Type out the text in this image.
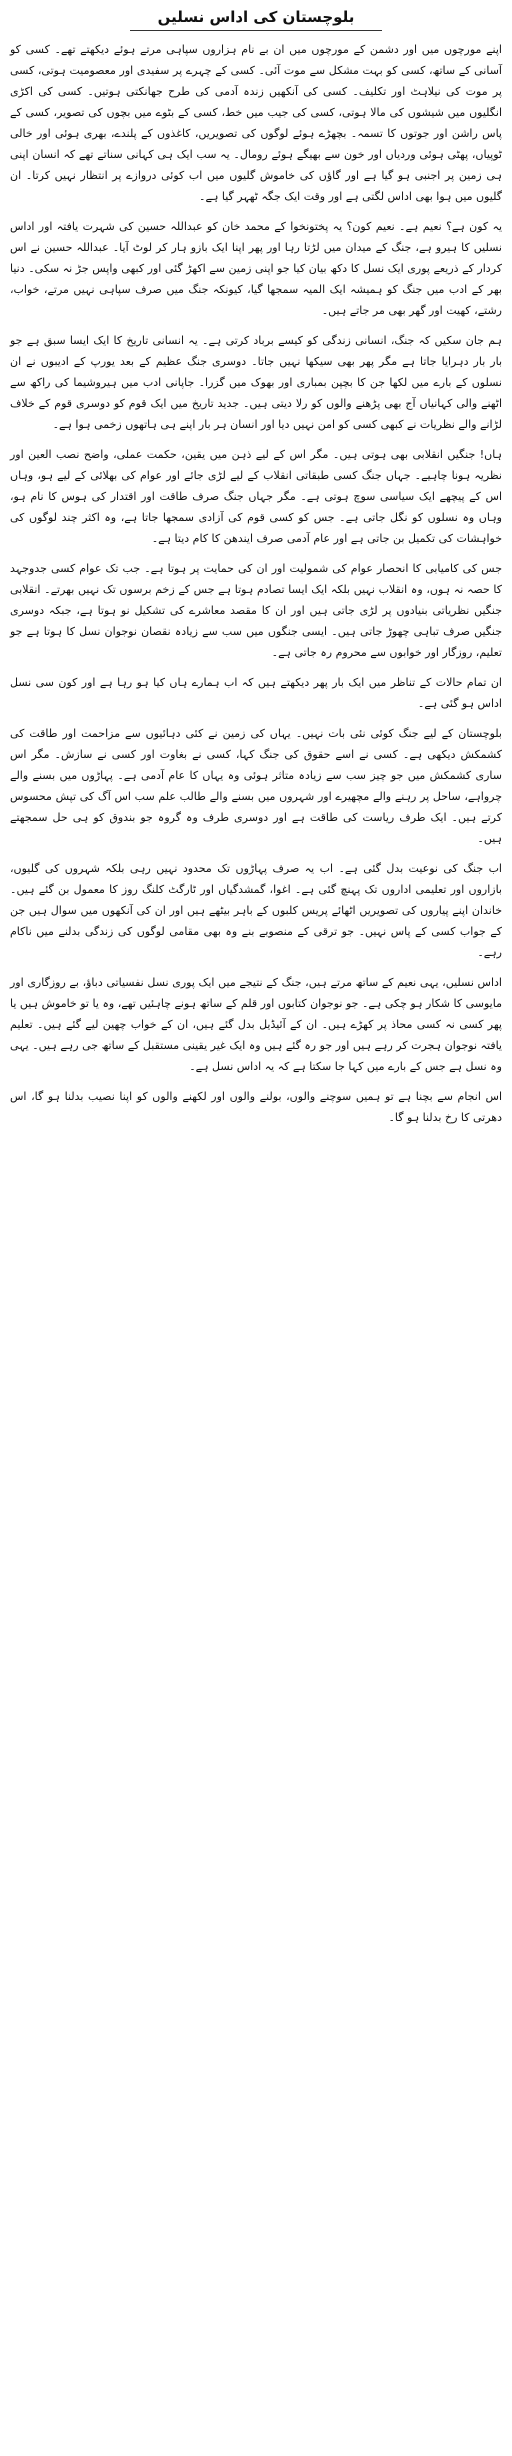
بلوچستان کی اداس نسلیں

اپنے مورچوں میں اور دشمن کے مورچوں میں ان بے نام ہزاروں سپاہی مرتے ہوئے دیکھتے تھے۔ کسی کو آسانی کے ساتھ، کسی کو بہت مشکل سے موت آئی۔ کسی کے چہرے پر سفیدی اور معصومیت ہوتی، کسی پر موت کی نیلاہٹ اور تکلیف۔ کسی کی آنکھیں زندہ آدمی کی طرح جھانکتی ہوتیں۔ کسی کی اکڑی انگلیوں میں شیشوں کی مالا ہوتی، کسی کی جیب میں خط، کسی کے بٹوے میں بچوں کی تصویر، کسی کے پاس راشن اور جوتوں کا تسمہ۔ بچھڑے ہوئے لوگوں کی تصویریں، کاغذوں کے پلندے، بھری ہوئی اور خالی ٹوپیاں، پھٹی ہوئی وردیاں اور خون سے بھیگے ہوئے رومال۔ یہ سب ایک ہی کہانی سناتے تھے کہ انسان اپنی ہی زمین پر اجنبی ہو گیا ہے اور گاؤں کی خاموش گلیوں میں اب کوئی دروازے پر انتظار نہیں کرتا۔ ان گلیوں میں ہوا بھی اداس لگتی ہے اور وقت ایک جگہ ٹھہر گیا ہے۔

یہ کون ہے؟ نعیم ہے۔ نعیم کون؟ یہ پختونخوا کے محمد خان کو عبداللہ حسین کی شہرت یافتہ اور اداس نسلیں کا ہیرو ہے، جنگ کے میدان میں لڑتا رہا اور پھر اپنا ایک بازو ہار کر لوٹ آیا۔ عبداللہ حسین نے اس کردار کے ذریعے پوری ایک نسل کا دکھ بیان کیا جو اپنی زمین سے اکھڑ گئی اور کبھی واپس جڑ نہ سکی۔ دنیا بھر کے ادب میں جنگ کو ہمیشہ ایک المیہ سمجھا گیا، کیونکہ جنگ میں صرف سپاہی نہیں مرتے، خواب، رشتے، کھیت اور گھر بھی مر جاتے ہیں۔

ہم جان سکیں کہ جنگ، انسانی زندگی کو کیسے برباد کرتی ہے۔ یہ انسانی تاریخ کا ایک ایسا سبق ہے جو بار بار دہرایا جاتا ہے مگر پھر بھی سیکھا نہیں جاتا۔ دوسری جنگ عظیم کے بعد یورپ کے ادیبوں نے ان نسلوں کے بارے میں لکھا جن کا بچپن بمباری اور بھوک میں گزرا۔ جاپانی ادب میں ہیروشیما کی راکھ سے اٹھنے والی کہانیاں آج بھی پڑھنے والوں کو رلا دیتی ہیں۔ جدید تاریخ میں ایک قوم کو دوسری قوم کے خلاف لڑانے والے نظریات نے کبھی کسی کو امن نہیں دیا اور انسان ہر بار اپنے ہی ہاتھوں زخمی ہوا ہے۔

ہاں! جنگیں انقلابی بھی ہوتی ہیں۔ مگر اس کے لیے ذہن میں یقین، حکمت عملی، واضح نصب العین اور نظریہ ہونا چاہیے۔ جہاں جنگ کسی طبقاتی انقلاب کے لیے لڑی جائے اور عوام کی بھلائی کے لیے ہو، وہاں اس کے پیچھے ایک سیاسی سوچ ہوتی ہے۔ مگر جہاں جنگ صرف طاقت اور اقتدار کی ہوس کا نام ہو، وہاں وہ نسلوں کو نگل جاتی ہے۔ جس کو کسی قوم کی آزادی سمجھا جاتا ہے، وہ اکثر چند لوگوں کی خواہشات کی تکمیل بن جاتی ہے اور عام آدمی صرف ایندھن کا کام دیتا ہے۔

جس کی کامیابی کا انحصار عوام کی شمولیت اور ان کی حمایت پر ہوتا ہے۔ جب تک عوام کسی جدوجہد کا حصہ نہ ہوں، وہ انقلاب نہیں بلکہ ایک ایسا تصادم ہوتا ہے جس کے زخم برسوں تک نہیں بھرتے۔ انقلابی جنگیں نظریاتی بنیادوں پر لڑی جاتی ہیں اور ان کا مقصد معاشرے کی تشکیل نو ہوتا ہے، جبکہ دوسری جنگیں صرف تباہی چھوڑ جاتی ہیں۔ ایسی جنگوں میں سب سے زیادہ نقصان نوجوان نسل کا ہوتا ہے جو تعلیم، روزگار اور خوابوں سے محروم رہ جاتی ہے۔

ان تمام حالات کے تناظر میں ایک بار پھر دیکھتے ہیں کہ اب ہمارے ہاں کیا ہو رہا ہے اور کون سی نسل اداس ہو گئی ہے۔

بلوچستان کے لیے جنگ کوئی نئی بات نہیں۔ یہاں کی زمین نے کئی دہائیوں سے مزاحمت اور طاقت کی کشمکش دیکھی ہے۔ کسی نے اسے حقوق کی جنگ کہا، کسی نے بغاوت اور کسی نے سازش۔ مگر اس ساری کشمکش میں جو چیز سب سے زیادہ متاثر ہوئی وہ یہاں کا عام آدمی ہے۔ پہاڑوں میں بسنے والے چرواہے، ساحل پر رہنے والے مچھیرے اور شہروں میں بسنے والے طالب علم سب اس آگ کی تپش محسوس کرتے ہیں۔ ایک طرف ریاست کی طاقت ہے اور دوسری طرف وہ گروہ جو بندوق کو ہی حل سمجھتے ہیں۔

اب جنگ کی نوعیت بدل گئی ہے۔ اب یہ صرف پہاڑوں تک محدود نہیں رہی بلکہ شہروں کی گلیوں، بازاروں اور تعلیمی اداروں تک پہنچ گئی ہے۔ اغوا، گمشدگیاں اور ٹارگٹ کلنگ روز کا معمول بن گئے ہیں۔ خاندان اپنے پیاروں کی تصویریں اٹھائے پریس کلبوں کے باہر بیٹھے ہیں اور ان کی آنکھوں میں سوال ہیں جن کے جواب کسی کے پاس نہیں۔ جو ترقی کے منصوبے بنے وہ بھی مقامی لوگوں کی زندگی بدلنے میں ناکام رہے۔

اداس نسلیں، یہی نعیم کے ساتھ مرتے ہیں، جنگ کے نتیجے میں ایک پوری نسل نفسیاتی دباؤ، بے روزگاری اور مایوسی کا شکار ہو چکی ہے۔ جو نوجوان کتابوں اور قلم کے ساتھ ہونے چاہئیں تھے، وہ یا تو خاموش ہیں یا پھر کسی نہ کسی محاذ پر کھڑے ہیں۔ ان کے آئیڈیل بدل گئے ہیں، ان کے خواب چھین لیے گئے ہیں۔ تعلیم یافتہ نوجوان ہجرت کر رہے ہیں اور جو رہ گئے ہیں وہ ایک غیر یقینی مستقبل کے ساتھ جی رہے ہیں۔ یہی وہ نسل ہے جس کے بارے میں کہا جا سکتا ہے کہ یہ اداس نسل ہے۔

اس انجام سے بچنا ہے تو ہمیں سوچنے والوں، بولنے والوں اور لکھنے والوں کو اپنا نصیب بدلنا ہو گا، اس دھرتی کا رخ بدلنا ہو گا۔
